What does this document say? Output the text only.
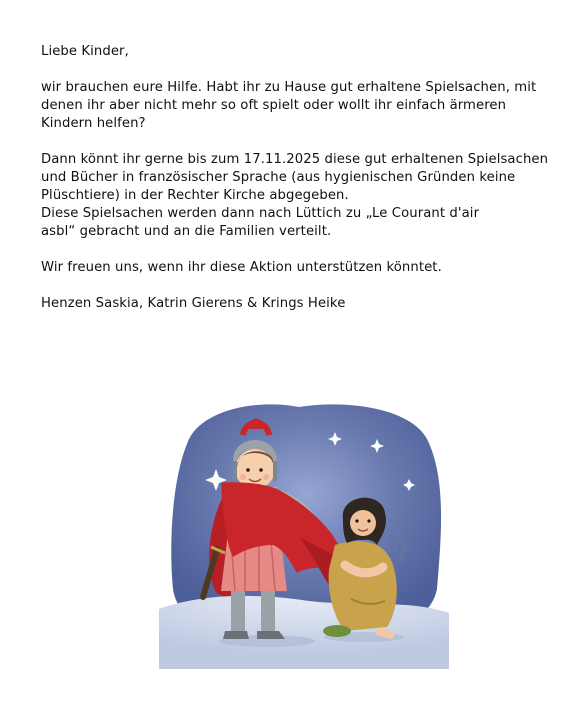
Liebe Kinder,

wir brauchen eure Hilfe. Habt ihr zu Hause gut erhaltene Spielsachen, mit denen ihr aber nicht mehr so oft spielt oder wollt ihr einfach ärmeren Kindern helfen?

Dann könnt ihr gerne bis zum 17.11.2025 diese gut erhaltenen Spielsachen und Bücher in französischer Sprache (aus hygienischen Gründen keine Plüschtiere) in der Rechter Kirche abgegeben.

Diese Spielsachen werden dann nach Lüttich zu „Le Courant d'air asbl“ gebracht und an die Familien verteilt.

Wir freuen uns, wenn ihr diese Aktion unterstützen könntet.

Henzen Saskia, Katrin Gierens & Krings Heike
